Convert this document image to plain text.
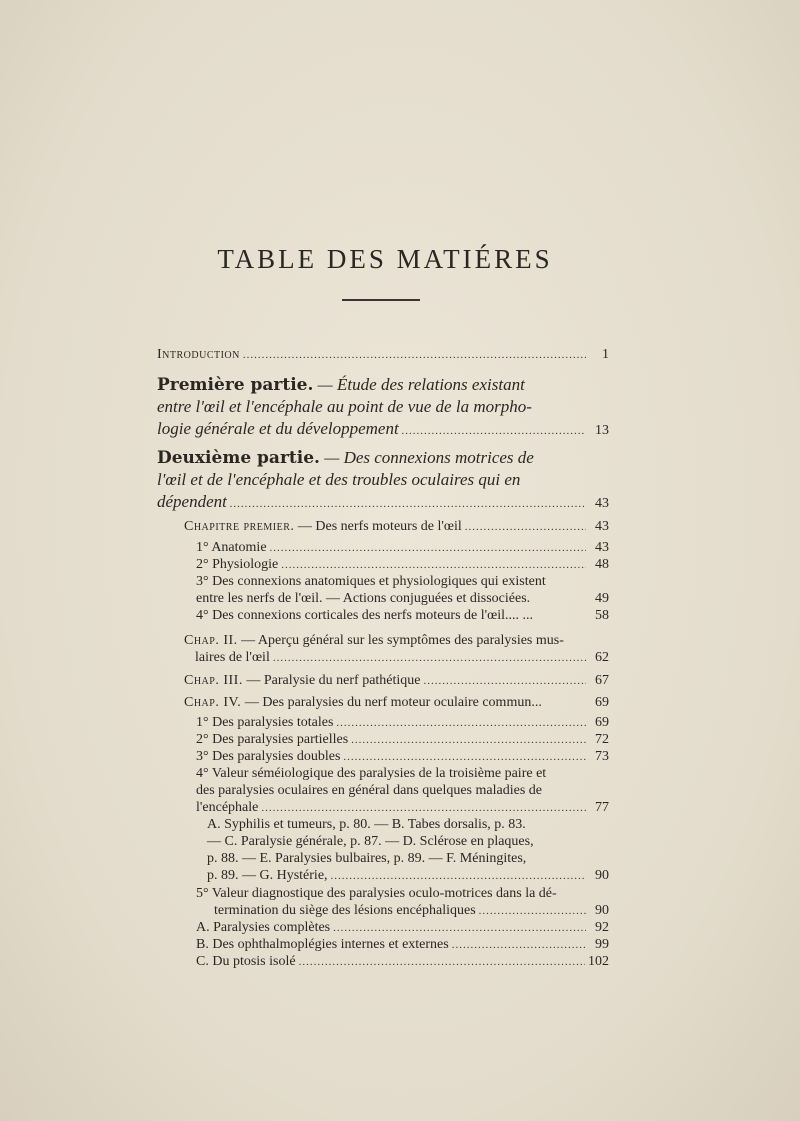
TABLE DES MATIÉRES
Introduction .....	1
Première partie. — Étude des relations existant
entre l'œil et l'encéphale au point de vue de la morpho-
logie générale et du développement .....	13
Deuxième partie. — Des connexions motrices de
l'œil et de l'encéphale et des troubles oculaires qui en
dépendent .....	43
Chapitre premier. — Des nerfs moteurs de l'œil .....	43
1° Anatomie .....	43
2° Physiologie .....	48
3° Des connexions anatomiques et physiologiques qui existent
entre les nerfs de l'œil. — Actions conjuguées et dissociées.	49
4° Des connexions corticales des nerfs moteurs de l'œil.... ...	58
Chap. II. — Aperçu général sur les symptômes des paralysies mus-
laires de l'œil .....	62
Chap. III. — Paralysie du nerf pathétique .....	67
Chap. IV. — Des paralysies du nerf moteur oculaire commun...	69
1° Des paralysies totales .....	69
2° Des paralysies partielles .....	72
3° Des paralysies doubles .....	73
4° Valeur séméiologique des paralysies de la troisième paire et
des paralysies oculaires en général dans quelques maladies de
l'encéphale .....	77
A. Syphilis et tumeurs, p. 80. — B. Tabes dorsalis, p. 83.
— C. Paralysie générale, p. 87. — D. Sclérose en plaques,
p. 88. — E. Paralysies bulbaires, p. 89. — F. Méningites,
p. 89. — G. Hystérie, .....	90
5° Valeur diagnostique des paralysies oculo-motrices dans la dé-
termination du siège des lésions encéphaliques .....	90
A. Paralysies complètes .....	92
B. Des ophthalmoplégies internes et externes .....	99
C. Du ptosis isolé .....	102
